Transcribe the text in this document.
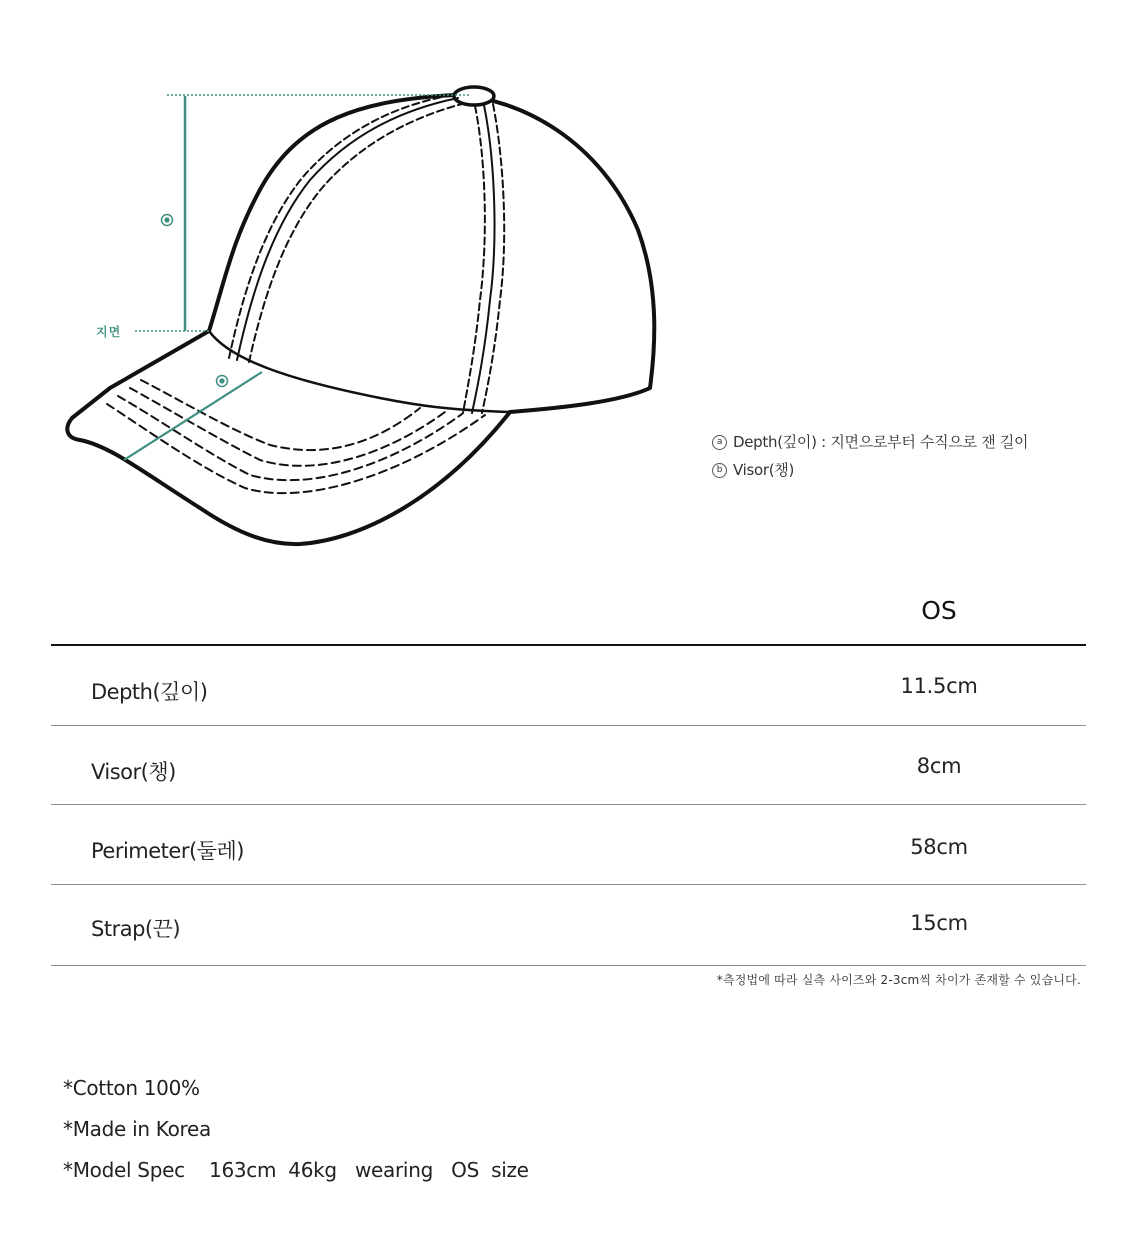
지면
a Depth(깊이) : 지면으로부터 수직으로 잰 길이
b Visor(챙)
OS
Depth(깊이)	11.5cm
Visor(챙)	8cm
Perimeter(둘레)	58cm
Strap(끈)	15cm
*측정법에 따라 실측 사이즈와 2-3cm씩 차이가 존재할 수 있습니다.
*Cotton 100%
*Made in Korea
*Model Spec    163cm  46kg   wearing   OS  size
